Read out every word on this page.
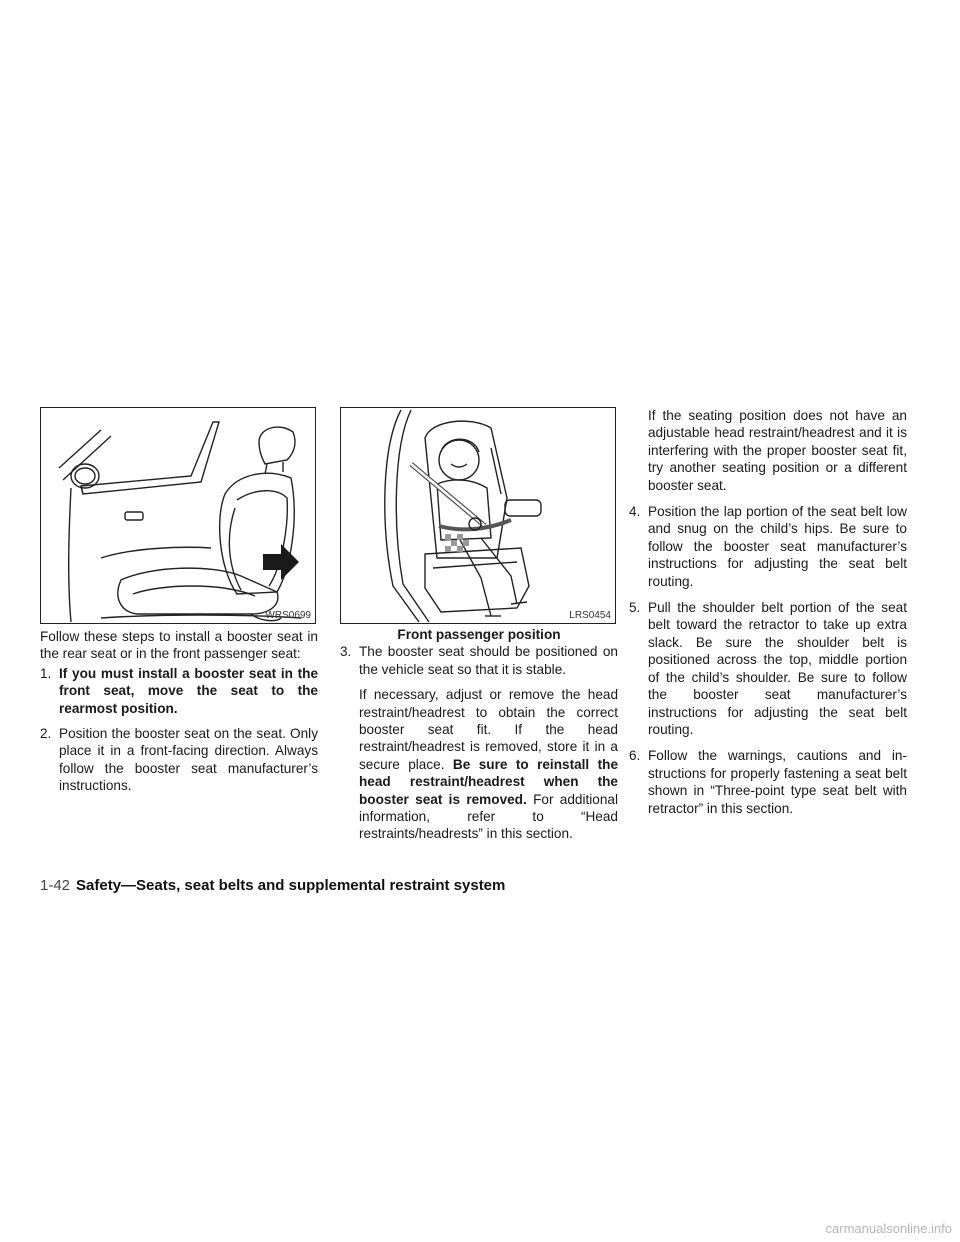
WRS0699

Follow these steps to install a booster seat in the rear seat or in the front passenger seat:

1. If you must install a booster seat in the front seat, move the seat to the rearmost position.
2. Position the booster seat on the seat. Only place it in a front-facing direction. Always follow the booster seat manufacturer’s instructions.
LRS0454
Front passenger position
3. The booster seat should be positioned on the vehicle seat so that it is stable.

If necessary, adjust or remove the head restraint/headrest to obtain the correct booster seat fit. If the head restraint/headrest is removed, store it in a secure place. Be sure to reinstall the head restraint/headrest when the booster seat is removed. For additional information, refer to “Head restraints/headrests” in this section.

If the seating position does not have an adjustable head restraint/headrest and it is interfering with the proper booster seat fit, try another seating position or a different booster seat.

4. Position the lap portion of the seat belt low and snug on the child’s hips. Be sure to follow the booster seat manufacturer’s instructions for adjusting the seat belt routing.
5. Pull the shoulder belt portion of the seat belt toward the retractor to take up extra slack. Be sure the shoulder belt is positioned across the top, middle portion of the child’s shoulder. Be sure to follow the booster seat manufacturer’s instructions for adjusting the seat belt routing.
6. Follow the warnings, cautions and instructions for properly fastening a seat belt shown in “Three-point type seat belt with retractor” in this section.
1-42 Safety—Seats, seat belts and supplemental restraint system
carmanualsonline.info
